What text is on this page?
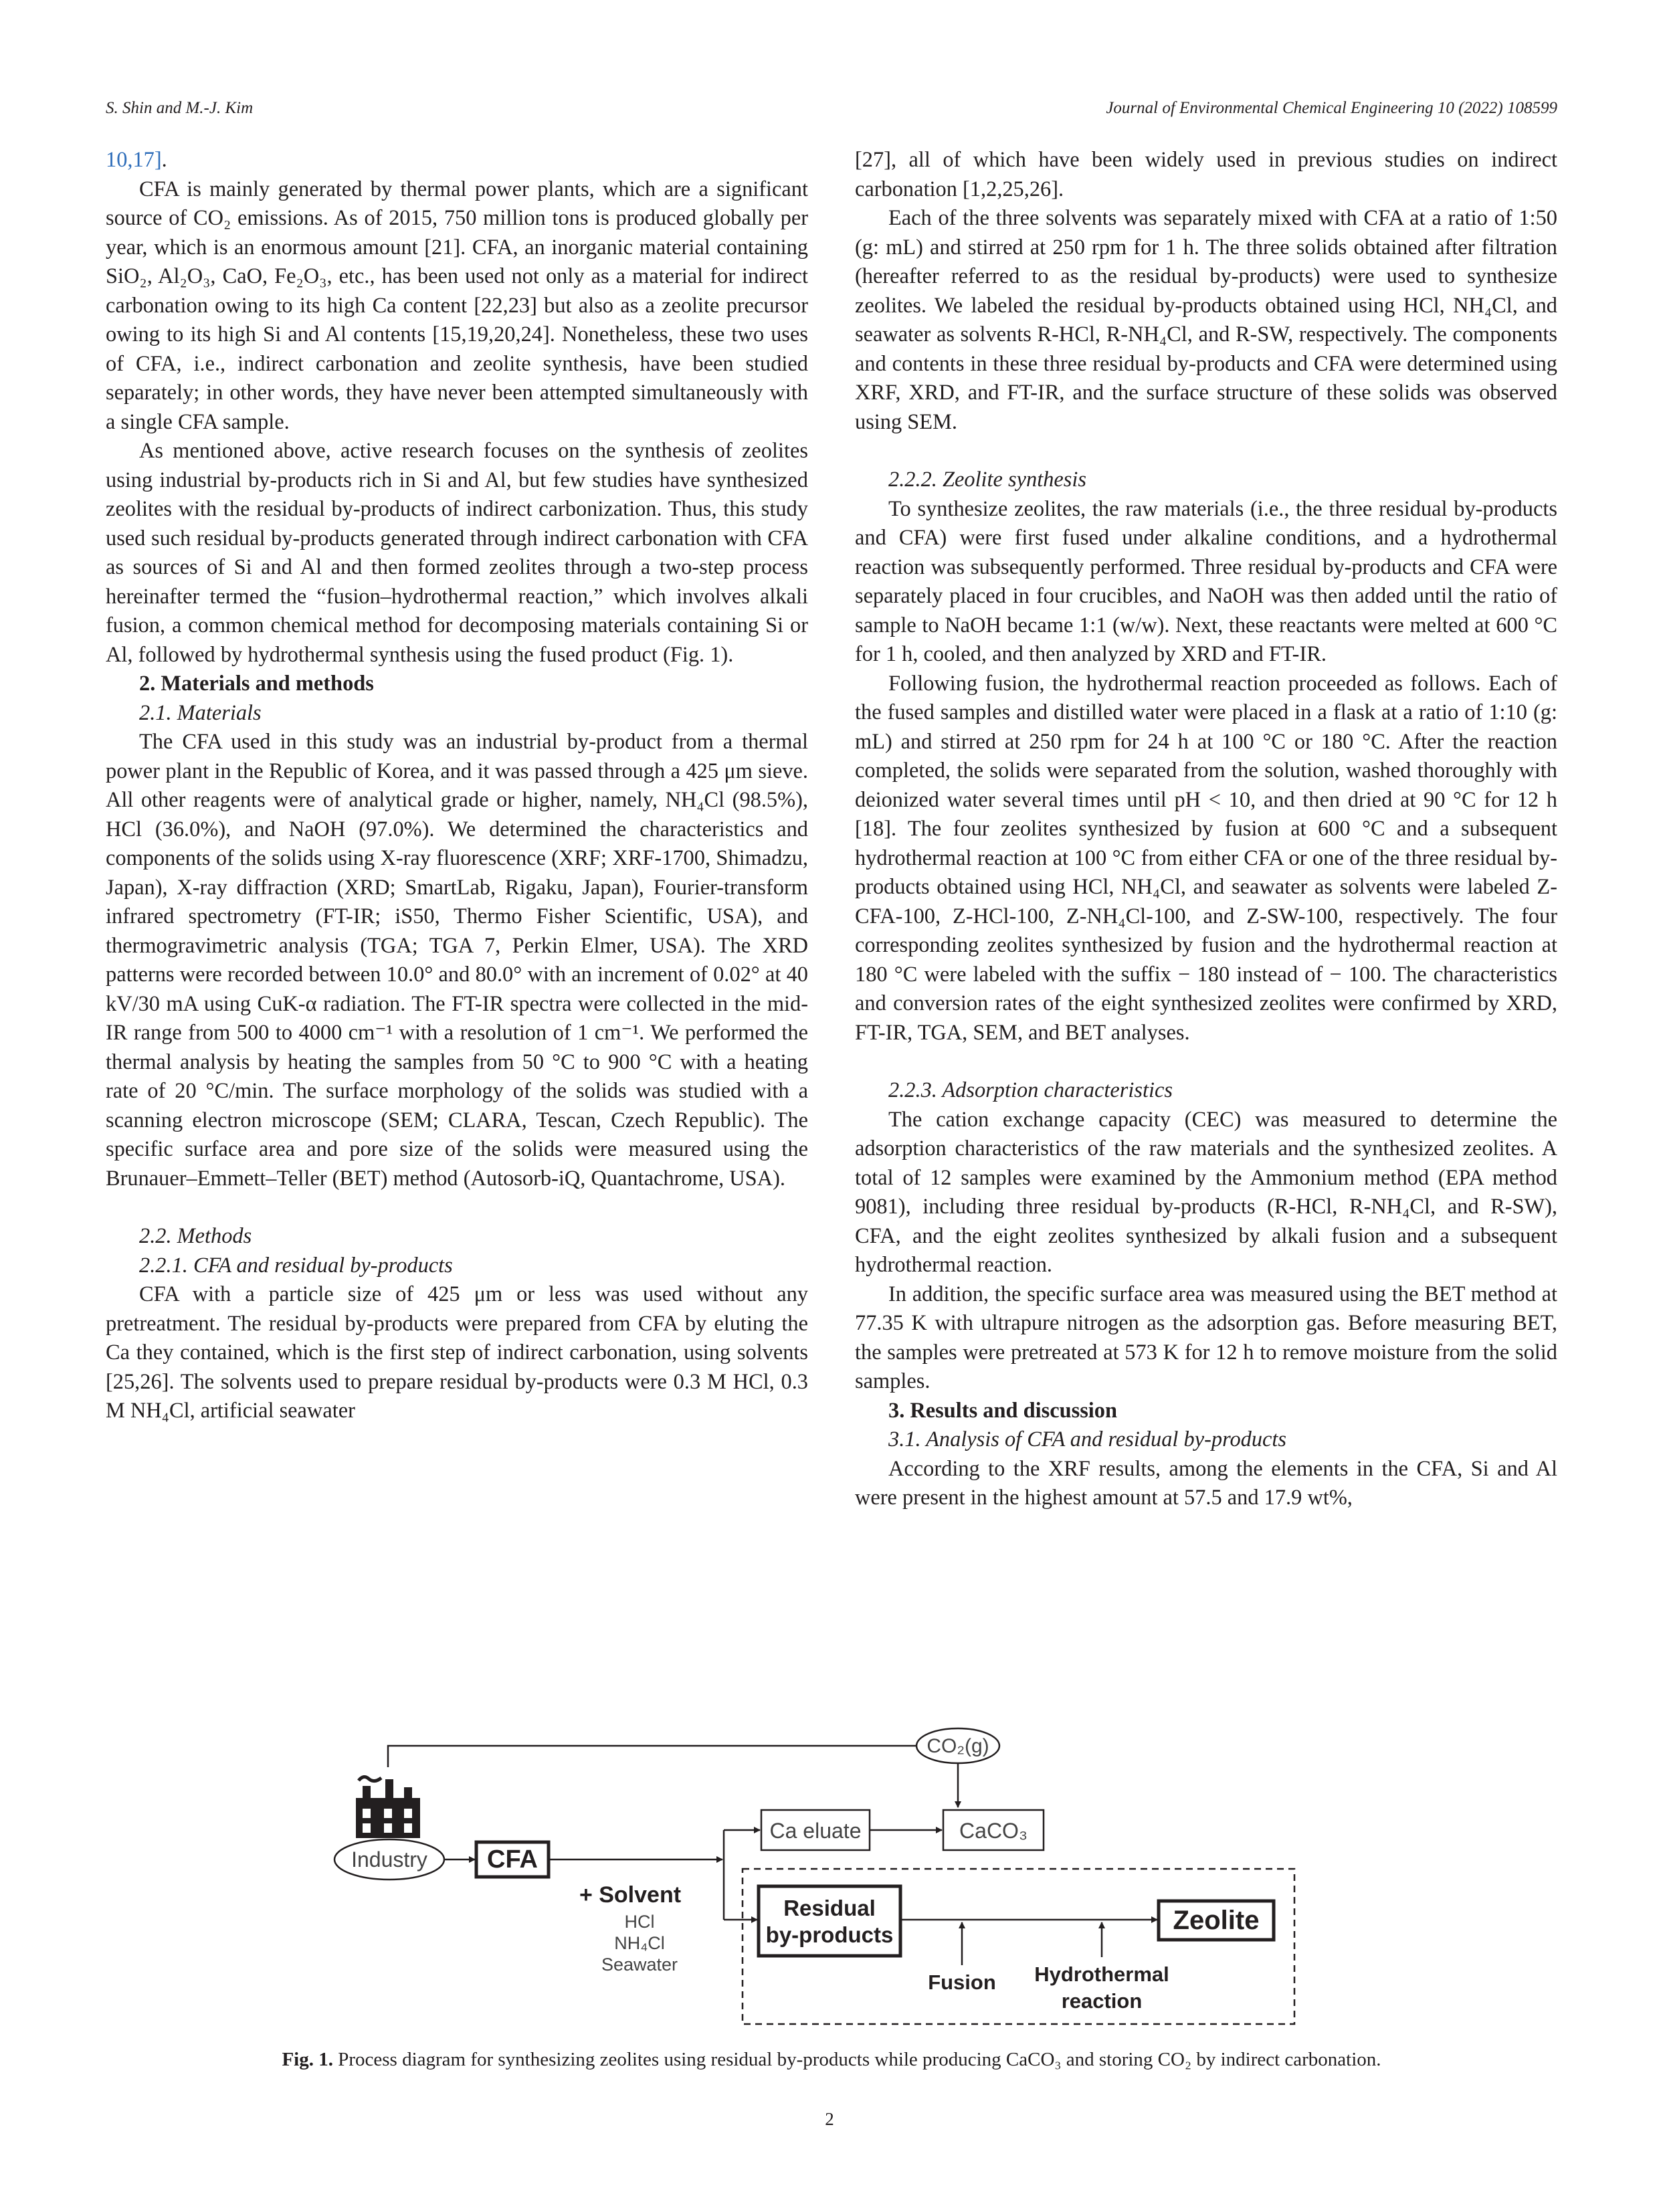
S. Shin and M.-J. Kim	Journal of Environmental Chemical Engineering 10 (2022) 108599

10,17].

CFA is mainly generated by thermal power plants, which are a significant source of CO₂ emissions. As of 2015, 750 million tons is produced globally per year, which is an enormous amount [21]. CFA, an inorganic material containing SiO₂, Al₂O₃, CaO, Fe₂O₃, etc., has been used not only as a material for indirect carbonation owing to its high Ca content [22,23] but also as a zeolite precursor owing to its high Si and Al contents [15,19,20,24]. Nonetheless, these two uses of CFA, i.e., indirect carbonation and zeolite synthesis, have been studied separately; in other words, they have never been attempted simultaneously with a single CFA sample.

As mentioned above, active research focuses on the synthesis of zeolites using industrial by-products rich in Si and Al, but few studies have synthesized zeolites with the residual by-products of indirect carbonization. Thus, this study used such residual by-products generated through indirect carbonation with CFA as sources of Si and Al and then formed zeolites through a two-step process hereinafter termed the “fusion–hydrothermal reaction,” which involves alkali fusion, a common chemical method for decomposing materials containing Si or Al, followed by hydrothermal synthesis using the fused product (Fig. 1).

2. Materials and methods

2.1. Materials

The CFA used in this study was an industrial by-product from a thermal power plant in the Republic of Korea, and it was passed through a 425 μm sieve. All other reagents were of analytical grade or higher, namely, NH₄Cl (98.5%), HCl (36.0%), and NaOH (97.0%). We determined the characteristics and components of the solids using X-ray fluorescence (XRF; XRF-1700, Shimadzu, Japan), X-ray diffraction (XRD; SmartLab, Rigaku, Japan), Fourier-transform infrared spectrometry (FT-IR; iS50, Thermo Fisher Scientific, USA), and thermogravimetric analysis (TGA; TGA 7, Perkin Elmer, USA). The XRD patterns were recorded between 10.0° and 80.0° with an increment of 0.02° at 40 kV/30 mA using CuK-α radiation. The FT-IR spectra were collected in the mid-IR range from 500 to 4000 cm⁻¹ with a resolution of 1 cm⁻¹. We performed the thermal analysis by heating the samples from 50 °C to 900 °C with a heating rate of 20 °C/min. The surface morphology of the solids was studied with a scanning electron microscope (SEM; CLARA, Tescan, Czech Republic). The specific surface area and pore size of the solids were measured using the Brunauer–Emmett–Teller (BET) method (Autosorb-iQ, Quantachrome, USA).

2.2. Methods

2.2.1. CFA and residual by-products

CFA with a particle size of 425 μm or less was used without any pretreatment. The residual by-products were prepared from CFA by eluting the Ca they contained, which is the first step of indirect carbonation, using solvents [25,26]. The solvents used to prepare residual by-products were 0.3 M HCl, 0.3 M NH₄Cl, artificial seawater

[27], all of which have been widely used in previous studies on indirect carbonation [1,2,25,26].

Each of the three solvents was separately mixed with CFA at a ratio of 1:50 (g: mL) and stirred at 250 rpm for 1 h. The three solids obtained after filtration (hereafter referred to as the residual by-products) were used to synthesize zeolites. We labeled the residual by-products obtained using HCl, NH₄Cl, and seawater as solvents R-HCl, R-NH₄Cl, and R-SW, respectively. The components and contents in these three residual by-products and CFA were determined using XRF, XRD, and FT-IR, and the surface structure of these solids was observed using SEM.

2.2.2. Zeolite synthesis

To synthesize zeolites, the raw materials (i.e., the three residual by-products and CFA) were first fused under alkaline conditions, and a hydrothermal reaction was subsequently performed. Three residual by-products and CFA were separately placed in four crucibles, and NaOH was then added until the ratio of sample to NaOH became 1:1 (w/w). Next, these reactants were melted at 600 °C for 1 h, cooled, and then analyzed by XRD and FT-IR.

Following fusion, the hydrothermal reaction proceeded as follows. Each of the fused samples and distilled water were placed in a flask at a ratio of 1:10 (g: mL) and stirred at 250 rpm for 24 h at 100 °C or 180 °C. After the reaction completed, the solids were separated from the solution, washed thoroughly with deionized water several times until pH < 10, and then dried at 90 °C for 12 h [18]. The four zeolites synthesized by fusion at 600 °C and a subsequent hydrothermal reaction at 100 °C from either CFA or one of the three residual by-products obtained using HCl, NH₄Cl, and seawater as solvents were labeled Z-CFA-100, Z-HCl-100, Z-NH₄Cl-100, and Z-SW-100, respectively. The four corresponding zeolites synthesized by fusion and the hydrothermal reaction at 180 °C were labeled with the suffix − 180 instead of − 100. The characteristics and conversion rates of the eight synthesized zeolites were confirmed by XRD, FT-IR, TGA, SEM, and BET analyses.

2.2.3. Adsorption characteristics

The cation exchange capacity (CEC) was measured to determine the adsorption characteristics of the raw materials and the synthesized zeolites. A total of 12 samples were examined by the Ammonium method (EPA method 9081), including three residual by-products (R-HCl, R-NH₄Cl, and R-SW), CFA, and the eight zeolites synthesized by alkali fusion and a subsequent hydrothermal reaction.

In addition, the specific surface area was measured using the BET method at 77.35 K with ultrapure nitrogen as the adsorption gas. Before measuring BET, the samples were pretreated at 573 K for 12 h to remove moisture from the solid samples.

3. Results and discussion

3.1. Analysis of CFA and residual by-products

According to the XRF results, among the elements in the CFA, Si and Al were present in the highest amount at 57.5 and 17.9 wt%,

CO₂(g)
Industry CFA
+ Solvent
HCl
NH₄Cl
Seawater
Ca eluate	CaCO₃
Residual
by-products
Fusion Hydrothermal
reaction
Zeolite
Fig. 1. Process diagram for synthesizing zeolites using residual by-products while producing CaCO₃ and storing CO₂ by indirect carbonation.
2
